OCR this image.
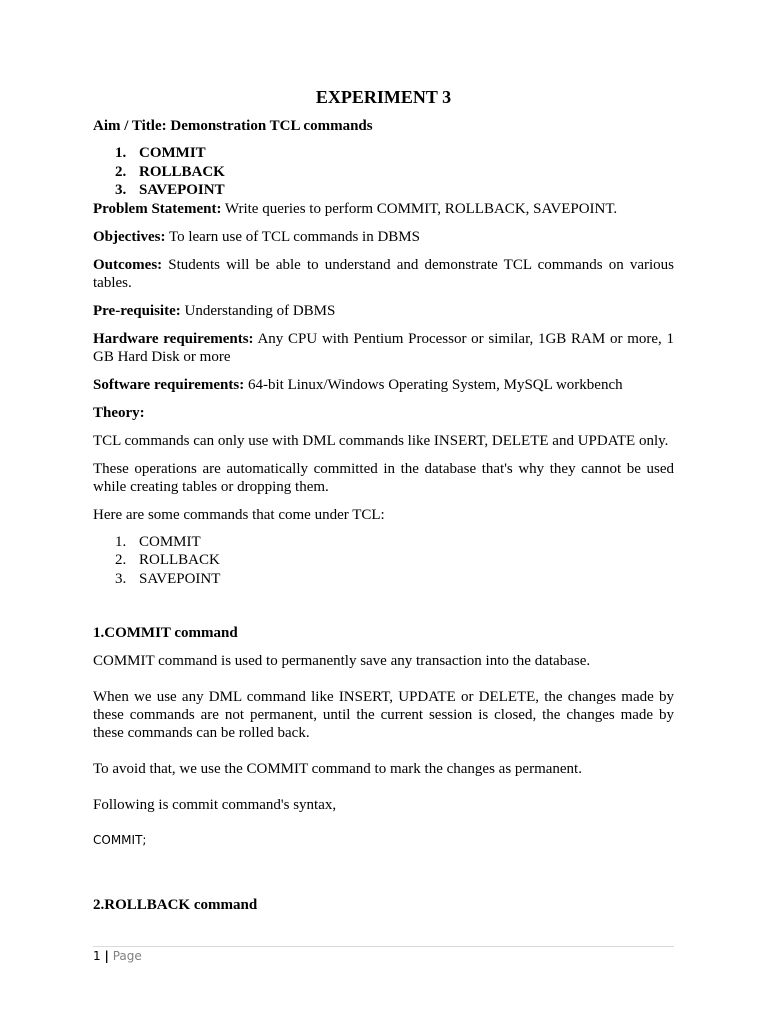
EXPERIMENT 3

Aim / Title: Demonstration TCL commands

1. COMMIT
2. ROLLBACK
3. SAVEPOINT

Problem Statement: Write queries to perform COMMIT, ROLLBACK, SAVEPOINT.

Objectives: To learn use of TCL commands in DBMS

Outcomes: Students will be able to understand and demonstrate TCL commands on various tables.

Pre-requisite: Understanding of DBMS

Hardware requirements: Any CPU with Pentium Processor or similar, 1GB RAM or more, 1 GB Hard Disk or more

Software requirements: 64-bit Linux/Windows Operating System, MySQL workbench

Theory:

TCL commands can only use with DML commands like INSERT, DELETE and UPDATE only.

These operations are automatically committed in the database that's why they cannot be used while creating tables or dropping them.

Here are some commands that come under TCL:

1. COMMIT
2. ROLLBACK
3. SAVEPOINT

1.COMMIT command

COMMIT command is used to permanently save any transaction into the database.

When we use any DML command like INSERT, UPDATE or DELETE, the changes made by these commands are not permanent, until the current session is closed, the changes made by these commands can be rolled back.

To avoid that, we use the COMMIT command to mark the changes as permanent.

Following is commit command's syntax,

COMMIT;

2.ROLLBACK command

1 | Page
